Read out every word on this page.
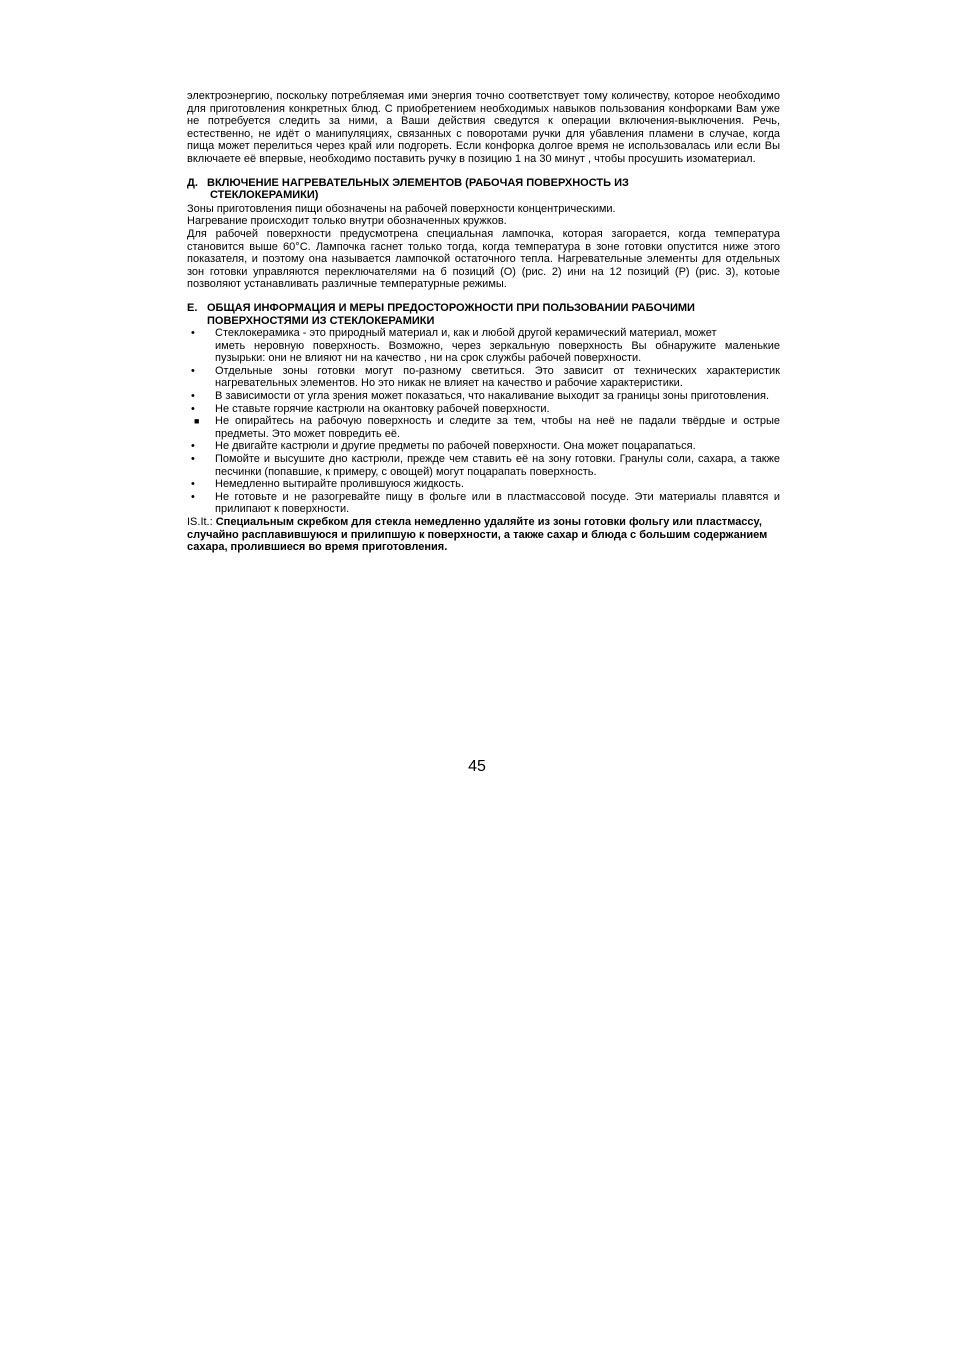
электроэнергию, поскольку потребляемая ими энергия точно соответствует тому количеству, которое необходимо для приготовления конкретных блюд. С приобретением необходимых навыков пользования конфорками Вам уже не потребуется следить за ними, а Ваши действия сведутся к операции включения-выключения. Речь, естественно, не идёт о манипуляциях, связанных с поворотами ручки для убавления пламени в случае, когда пища может перелиться через край или подгореть. Если конфорка долгое время не использовалась или если Вы включаете её впервые, необходимо поставить ручку в позицию 1 на 30 минут , чтобы просушить изоматериал.

Д. ВКЛЮЧЕНИЕ НАГРЕВАТЕЛЬНЫХ ЭЛЕМЕНТОВ (РАБОЧАЯ ПОВЕРХНОСТЬ ИЗ
СТЕКЛОКЕРАМИКИ)

Зоны приготовления пищи обозначены на рабочей поверхности концентрическими.

Нагревание происходит только внутри обозначенных кружков.

Для рабочей поверхности предусмотрена специальная лампочка, которая загорается, когда температура становится выше 60°С. Лампочка гаснет только тогда, когда температура в зоне готовки опустится ниже этого показателя, и поэтому она называется лампочкой остаточного тепла. Нагревательные элементы для отдельных зон готовки управляются переключателями на б позиций (О) (рис. 2) ини на 12 позиций (Р) (рис. 3), котоые позволяют устанавливать различные температурные режимы.

Е. ОБЩАЯ ИНФОРМАЦИЯ И МЕРЫ ПРЕДОСТОРОЖНОСТИ ПРИ ПОЛЬЗОВАНИИ РАБОЧИМИ
ПОВЕРХНОСТЯМИ ИЗ СТЕКЛОКЕРАМИКИ
•	Стеклокерамика - это природный материал и, как и любой другой керамический материал, может
иметь неровную поверхность. Возможно, через зеркальную поверхность Вы обнаружите маленькие пузырьки: они не влияют ни на качество , ни на срок службы рабочей поверхности.
•	Отдельные зоны готовки могут по-разному светиться. Это зависит от технических характеристик нагревательных элементов. Но это никак не влияет на качество и рабочие характеристики.
•	В зависимости от угла зрения может показаться, что накаливание выходит за границы зоны приготовления.
•	Не ставьте горячие кастрюли на окантовку рабочей поверхности.
■	Не опирайтесь на рабочую поверхность и следите за тем, чтобы на неё не падали твёрдые и острые предметы. Это может повредить её.
•	Не двигайте кастрюли и другие предметы по рабочей поверхности. Она может поцарапаться.
•	Помойте и высушите дно кастрюли, прежде чем ставить её на зону готовки. Гранулы соли, сахара, а также песчинки (попавшие, к примеру, с овощей) могут поцарапать поверхность.
•	Немедленно вытирайте пролившуюся жидкость.
•	Не готовьте и не разогревайте пищу в фольге или в пластмассовой посуде. Эти материалы плавятся и прилипают к поверхности.

IS.It.: Специальным скребком для стекла немедленно удаляйте из зоны готовки фольгу или пластмассу, случайно расплавившуюся и прилипшую к поверхности, а также сахар и блюда с большим содержанием сахара, пролившиеся во время приготовления.

45
